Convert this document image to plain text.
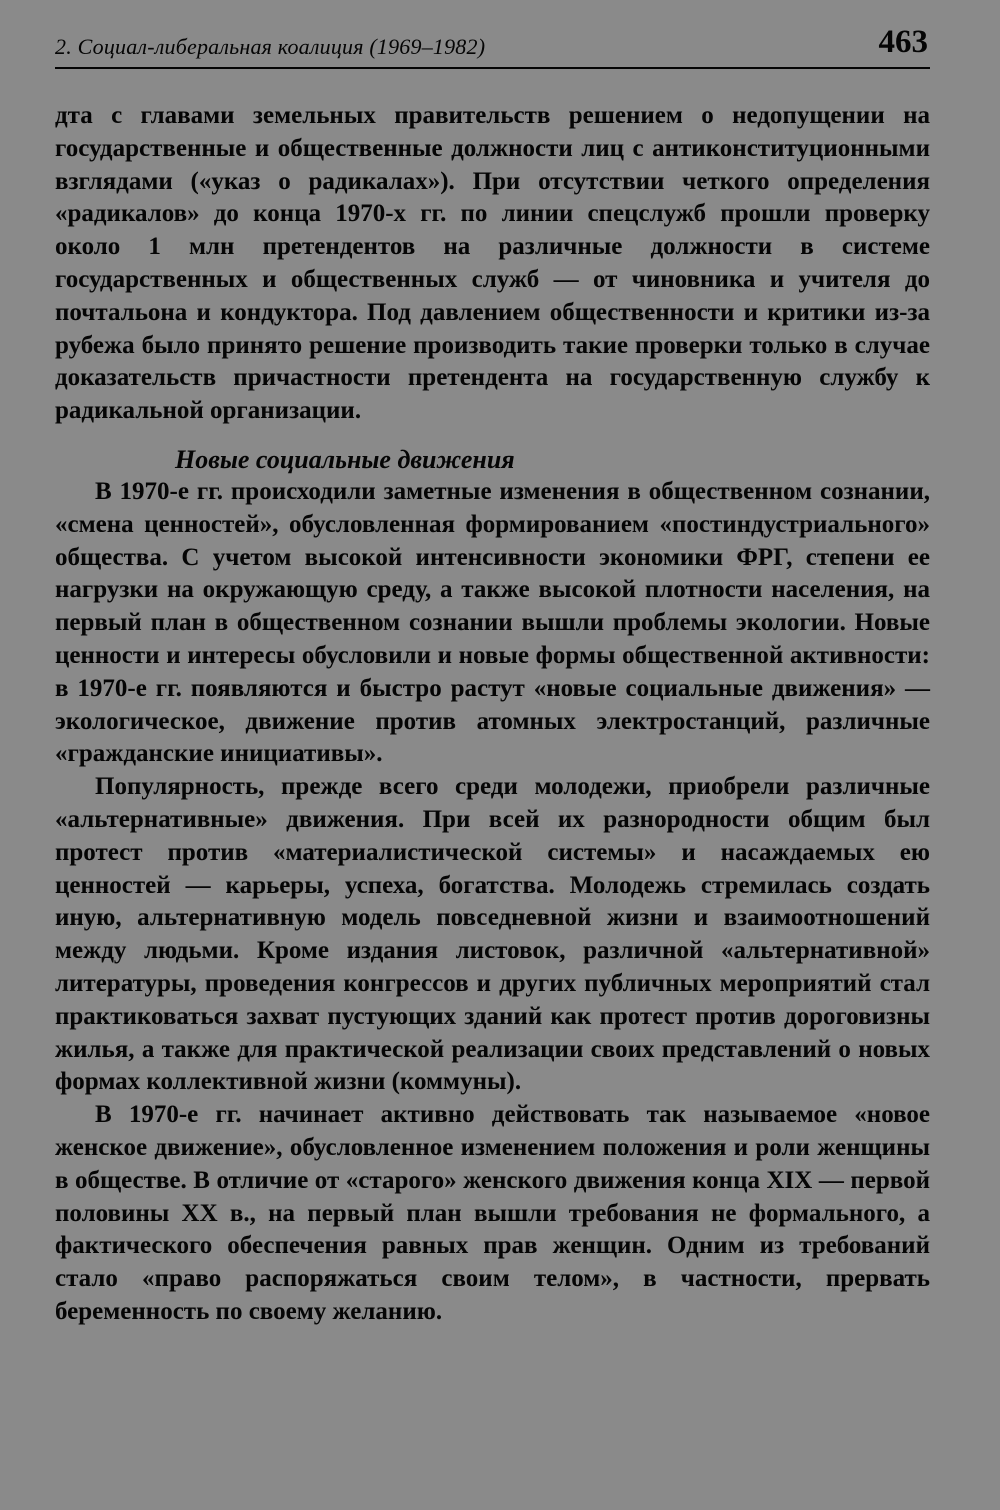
2. Социал-либеральная коалиция (1969–1982)	463

дта с главами земельных правительств решением о недопущении на государственные и общественные должности лиц с антиконституционными взглядами («указ о радикалах»). При отсутствии четкого определения «радикалов» до конца 1970-х гг. по линии спецслужб прошли проверку около 1 млн претендентов на различные должности в системе государственных и общественных служб — от чиновника и учителя до почтальона и кондуктора. Под давлением общественности и критики из-за рубежа было принято решение производить такие проверки только в случае доказательств причастности претендента на государственную службу к радикальной организации.

Новые социальные движения

В 1970-е гг. происходили заметные изменения в общественном сознании, «смена ценностей», обусловленная формированием «постиндустриального» общества. С учетом высокой интенсивности экономики ФРГ, степени ее нагрузки на окружающую среду, а также высокой плотности населения, на первый план в общественном сознании вышли проблемы экологии. Новые ценности и интересы обусловили и новые формы общественной активности: в 1970-е гг. появляются и быстро растут «новые социальные движения» — экологическое, движение против атомных электростанций, различные «гражданские инициативы».

Популярность, прежде всего среди молодежи, приобрели различные «альтернативные» движения. При всей их разнородности общим был протест против «материалистической системы» и насаждаемых ею ценностей — карьеры, успеха, богатства. Молодежь стремилась создать иную, альтернативную модель повседневной жизни и взаимоотношений между людьми. Кроме издания листовок, различной «альтернативной» литературы, проведения конгрессов и других публичных мероприятий стал практиковаться захват пустующих зданий как протест против дороговизны жилья, а также для практической реализации своих представлений о новых формах коллективной жизни (коммуны).

В 1970-е гг. начинает активно действовать так называемое «новое женское движение», обусловленное изменением положения и роли женщины в обществе. В отличие от «старого» женского движения конца XIX — первой половины XX в., на первый план вышли требования не формального, а фактического обеспечения равных прав женщин. Одним из требований стало «право распоряжаться своим телом», в частности, прервать беременность по своему желанию.
